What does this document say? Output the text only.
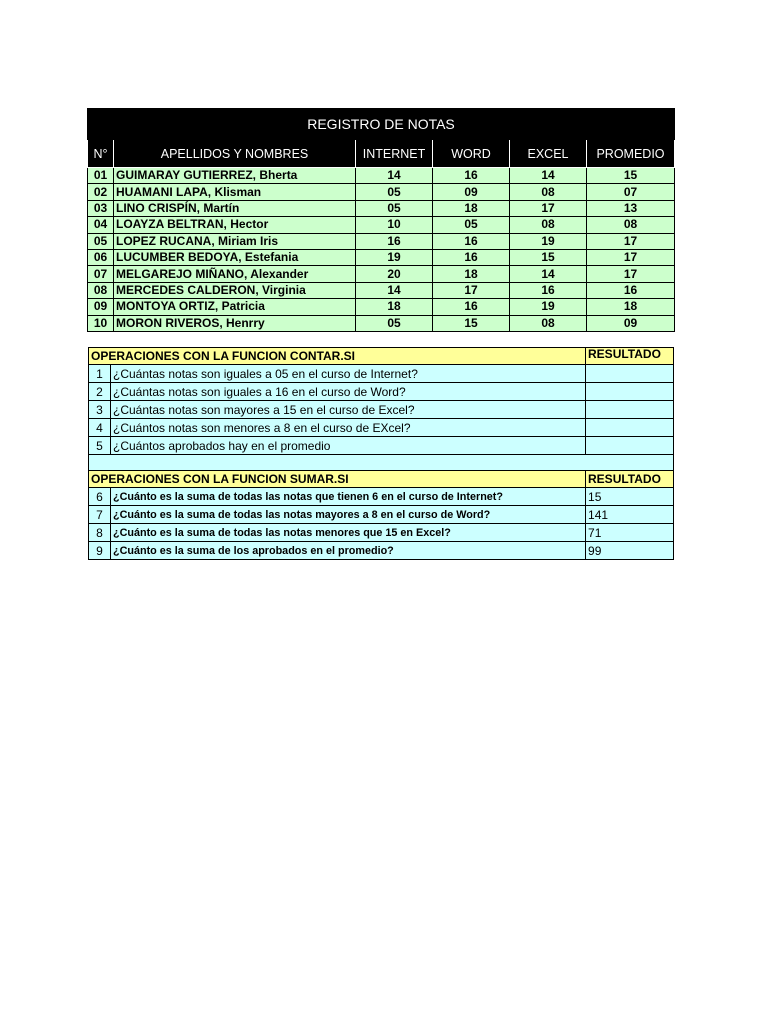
REGISTRO DE NOTAS					
N°	APELLIDOS Y NOMBRES	INTERNET	WORD	EXCEL	PROMEDIO
01	GUIMARAY GUTIERREZ, Bherta	14	16	14	15
02	HUAMANI LAPA, Klisman	05	09	08	07
03	LINO CRISPÍN, Martín	05	18	17	13
04	LOAYZA BELTRAN, Hector	10	05	08	08
05	LOPEZ RUCANA, Miriam Iris	16	16	19	17
06	LUCUMBER BEDOYA, Estefania	19	16	15	17
07	MELGAREJO MIÑANO, Alexander	20	18	14	17
08	MERCEDES CALDERON, Virginia	14	17	16	16
09	MONTOYA ORTIZ, Patricia	18	16	19	18
10	MORON RIVEROS, Henrry	05	15	08	09
OPERACIONES CON LA FUNCION CONTAR.SI		RESULTADO
1	¿Cuántas notas son iguales a 05 en el curso de Internet?	
2	¿Cuántas notas son iguales a 16 en el curso de Word?	
3	¿Cuántas notas son mayores a 15 en el curso de Excel?	
4	¿Cuántos notas son menores a 8 en el curso de EXcel?	
5	¿Cuántos aprobados hay en el promedio	

OPERACIONES CON LA FUNCION SUMAR.SI		RESULTADO
6	¿Cuánto es la suma de todas las notas que tienen 6 en el curso de Internet?	15
7	¿Cuánto es la suma de todas las notas mayores a 8 en el curso de Word?	141
8	¿Cuánto es la suma de todas las notas menores que 15 en Excel?	71
9	¿Cuánto es la suma de los aprobados en el promedio?	99
